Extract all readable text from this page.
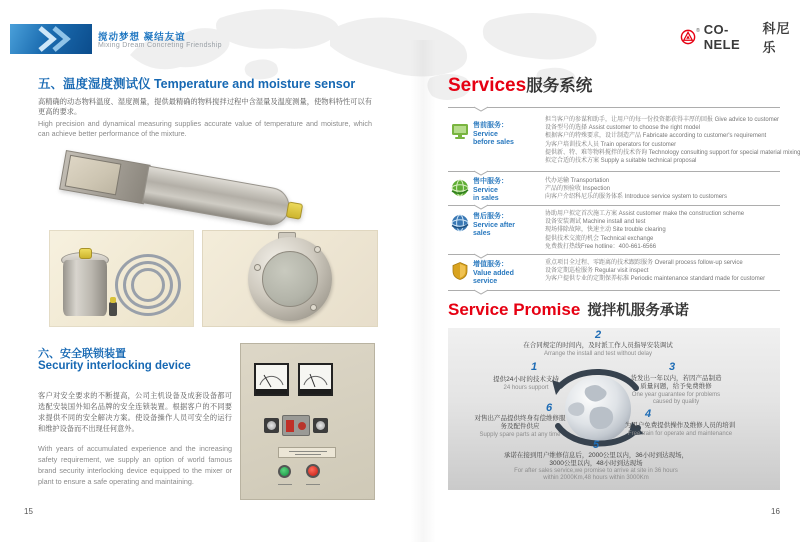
搅动梦想 凝结友谊
Mixing Dream Concreting Friendship
® CO-NELE
科尼乐
五、温度湿度测试仪 Temperature and moisture sensor
高精确的动态物料温度、湿度测量，提供最精确的物料搅拌过程中含湿量及温度测量，使物料特性可以有更高的要求。
High precision and dynamical measuring supplies accurate value of temperature and moisture, which can achieve better performance of the mixture.
六、安全联锁装置
Security interlocking device
客户对安全要求的不断提高，公司主机设备及成套设备都可选配安装国外知名品牌的安全连锁装置。根据客户的不同要求提供不同的安全解决方案。使设备操作人员可安全的运行和维护设备而不出现任何意外。
With years of accumulated experience and the increasing safety requirement, we supply an option of world famous brand security interlocking device equipped to the mixer or plant to ensure a safe operating and maintaining.
15
Services服务系统
售前服务：
Service
before sales
担当客户的参谋和助手，让用户的每一份投资都获得丰厚的回报 Give advice to customer
设备型号的选择 Assist customer to choose the right model
根据客户的特殊要求，设计制造产品 Fabricate according to customer's requirement
为客户培训技术人员 Train operators for customer
提供新、特、难等物料搅拌的技术咨询 Technology consulting support for special material mixing
拟定合适的技术方案 Supply a suitable technical proposal
售中服务：
Service
in sales
代办运输 Transportation
产品的预验收 Inspection
向客户介绍科尼乐的服务体系 Introduce service system to customers
售后服务：
Service after
sales
协助用户拟定首次施工方案 Assist customer make the construction scheme
设备安装调试 Machine install and test
现场排除故障，快速主动 Site trouble clearing
提供技术交流的机会 Technical exchange
免费拨打热线Free hotline：400-661-6566
增值服务：
Value added
service
重点项目全过程、零距离的技术跟踪服务 Overall process follow-up service
设备定期巡检服务 Regular visit inspect
为客户提供专业的定期保养标准 Periodic maintenance standard made for customer
Service Promise 搅拌机服务承诺
2
在合同规定的时间内，及时派工作人员指导安装调试
Arrange the install and test without delay
1
提供24小时的技术支持
24 hours support
3
货发出一年以内，若因产品制造质量问题，给予免费维修
One year guarantee for problems caused by quality
6
对售出产品提供终身有偿维修服务及配件供应
Supply spare parts at any time
4
为用户免费提供操作及维修人员的培训
Free train for operate and maintenance
5
承诺在接到用户维修信息后，2000公里以内，36小时到达现场，3000公里以内，48小时到达现场
For after sales service,we promise to arrive at site in 36 hours within 2000Km,48 hours within 3000Km
16
